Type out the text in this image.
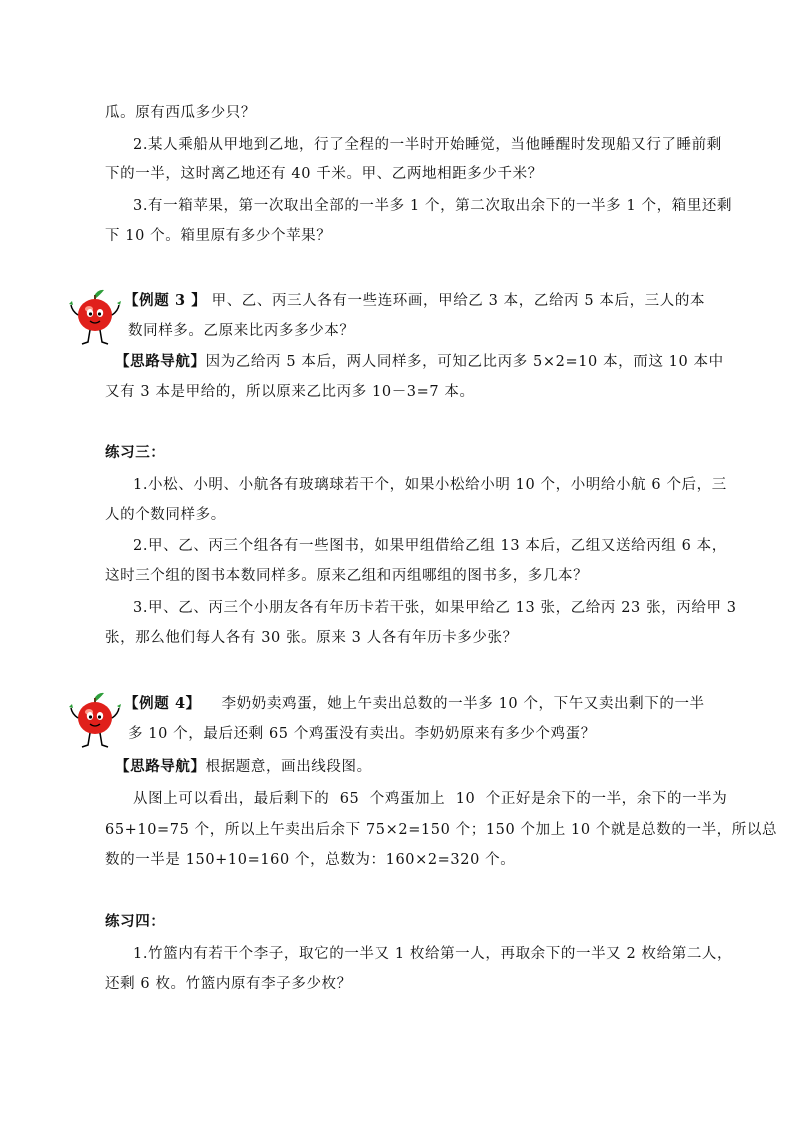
瓜。原有西瓜多少只？
2.某人乘船从甲地到乙地，行了全程的一半时开始睡觉，当他睡醒时发现船又行了睡前剩
下的一半，这时离乙地还有 40 千米。甲、乙两地相距多少千米？
3.有一箱苹果，第一次取出全部的一半多 1 个，第二次取出余下的一半多 1 个，箱里还剩
下 10 个。箱里原有多少个苹果？
【例题 3 】 甲、乙、丙三人各有一些连环画，甲给乙 3 本，乙给丙 5 本后，三人的本
数同样多。乙原来比丙多多少本？
【思路导航】因为乙给丙 5 本后，两人同样多，可知乙比丙多 5×2=10 本，而这 10 本中
又有 3 本是甲给的，所以原来乙比丙多 10－3=7 本。
练习三：
1.小松、小明、小航各有玻璃球若干个，如果小松给小明 10 个，小明给小航 6 个后，三
人的个数同样多。
2.甲、乙、丙三个组各有一些图书，如果甲组借给乙组 13 本后，乙组又送给丙组 6 本，
这时三个组的图书本数同样多。原来乙组和丙组哪组的图书多，多几本？
3.甲、乙、丙三个小朋友各有年历卡若干张，如果甲给乙 13 张，乙给丙 23 张，丙给甲 3
张，那么他们每人各有 30 张。原来 3 人各有年历卡多少张？
【例题 4】    李奶奶卖鸡蛋，她上午卖出总数的一半多 10 个，下午又卖出剩下的一半
多 10 个，最后还剩 65 个鸡蛋没有卖出。李奶奶原来有多少个鸡蛋？
【思路导航】根据题意，画出线段图。
从图上可以看出，最后剩下的  65  个鸡蛋加上  10  个正好是余下的一半，余下的一半为
65+10=75 个，所以上午卖出后余下 75×2=150 个；150 个加上 10 个就是总数的一半，所以总
数的一半是 150+10=160 个，总数为：160×2=320 个。
练习四：
1.竹篮内有若干个李子，取它的一半又 1 枚给第一人，再取余下的一半又 2 枚给第二人，
还剩 6 枚。竹篮内原有李子多少枚？
